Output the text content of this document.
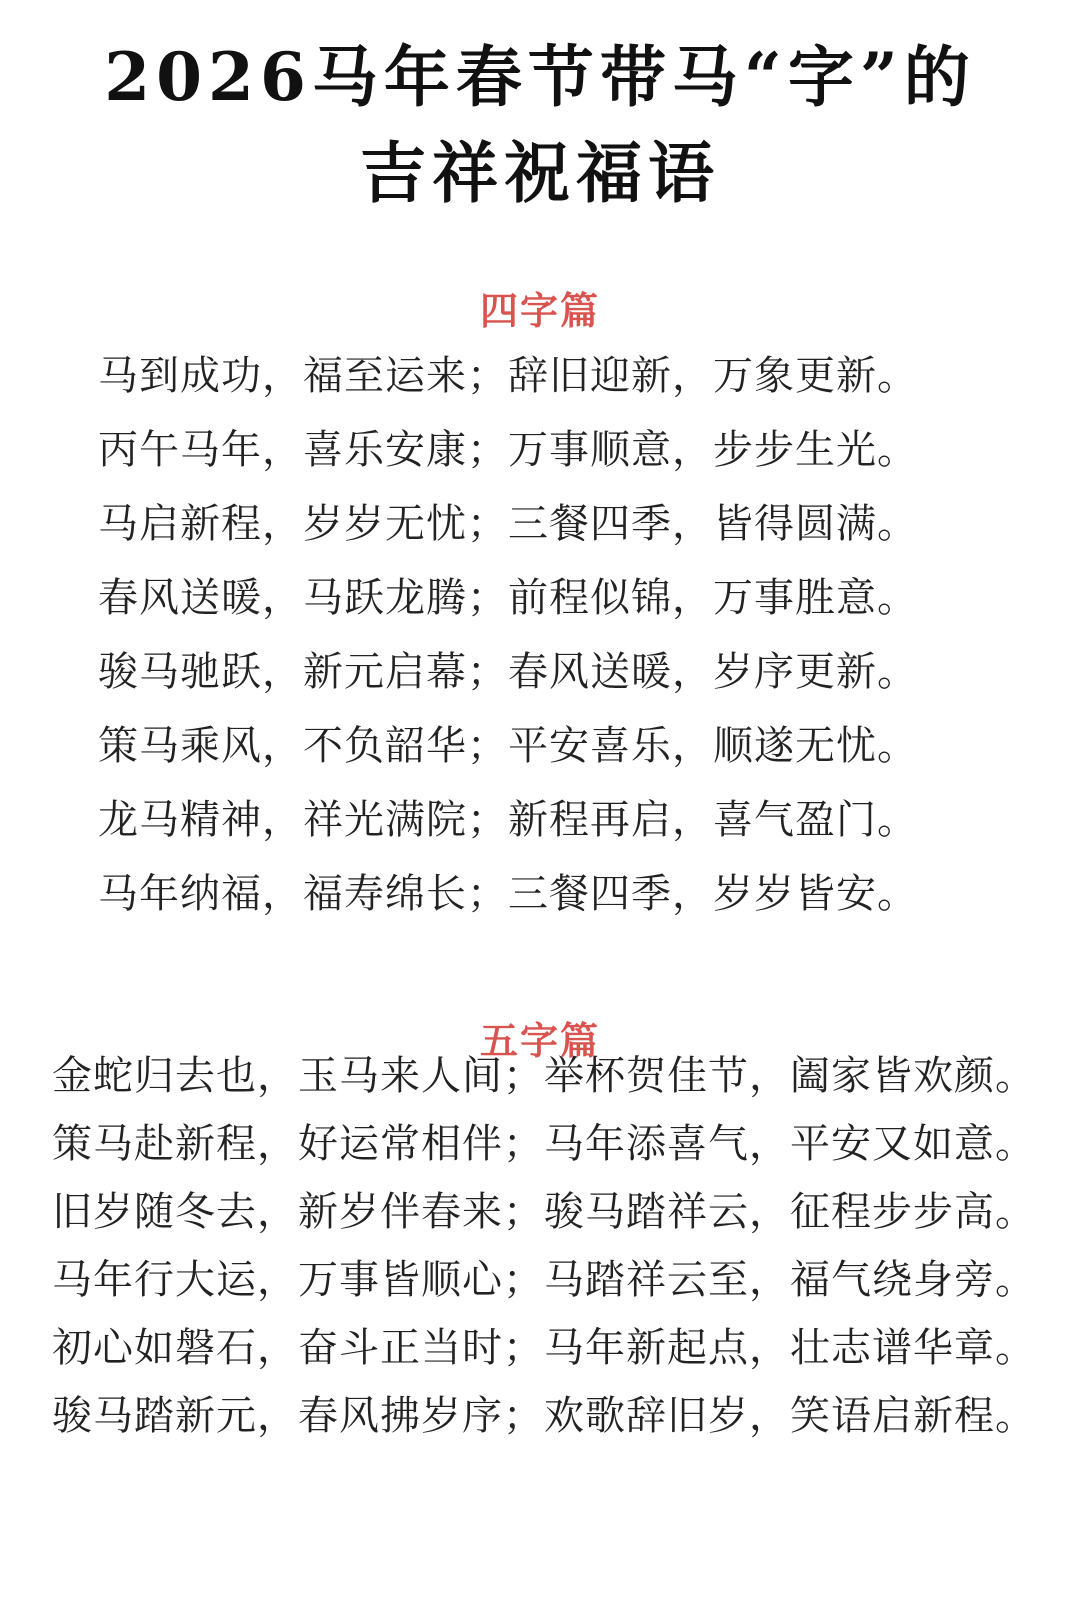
2026马年春节带马“字”的
吉祥祝福语
四字篇
马到成功，福至运来；辞旧迎新，万象更新。
丙午马年，喜乐安康；万事顺意，步步生光。
马启新程，岁岁无忧；三餐四季，皆得圆满。
春风送暖，马跃龙腾；前程似锦，万事胜意。
骏马驰跃，新元启幕；春风送暖，岁序更新。
策马乘风，不负韶华；平安喜乐，顺遂无忧。
龙马精神，祥光满院；新程再启，喜气盈门。
马年纳福，福寿绵长；三餐四季，岁岁皆安。
五字篇
金蛇归去也，玉马来人间；举杯贺佳节，阖家皆欢颜。
策马赴新程，好运常相伴；马年添喜气，平安又如意。
旧岁随冬去，新岁伴春来；骏马踏祥云，征程步步高。
马年行大运，万事皆顺心；马踏祥云至，福气绕身旁。
初心如磐石，奋斗正当时；马年新起点，壮志谱华章。
骏马踏新元，春风拂岁序；欢歌辞旧岁，笑语启新程。
